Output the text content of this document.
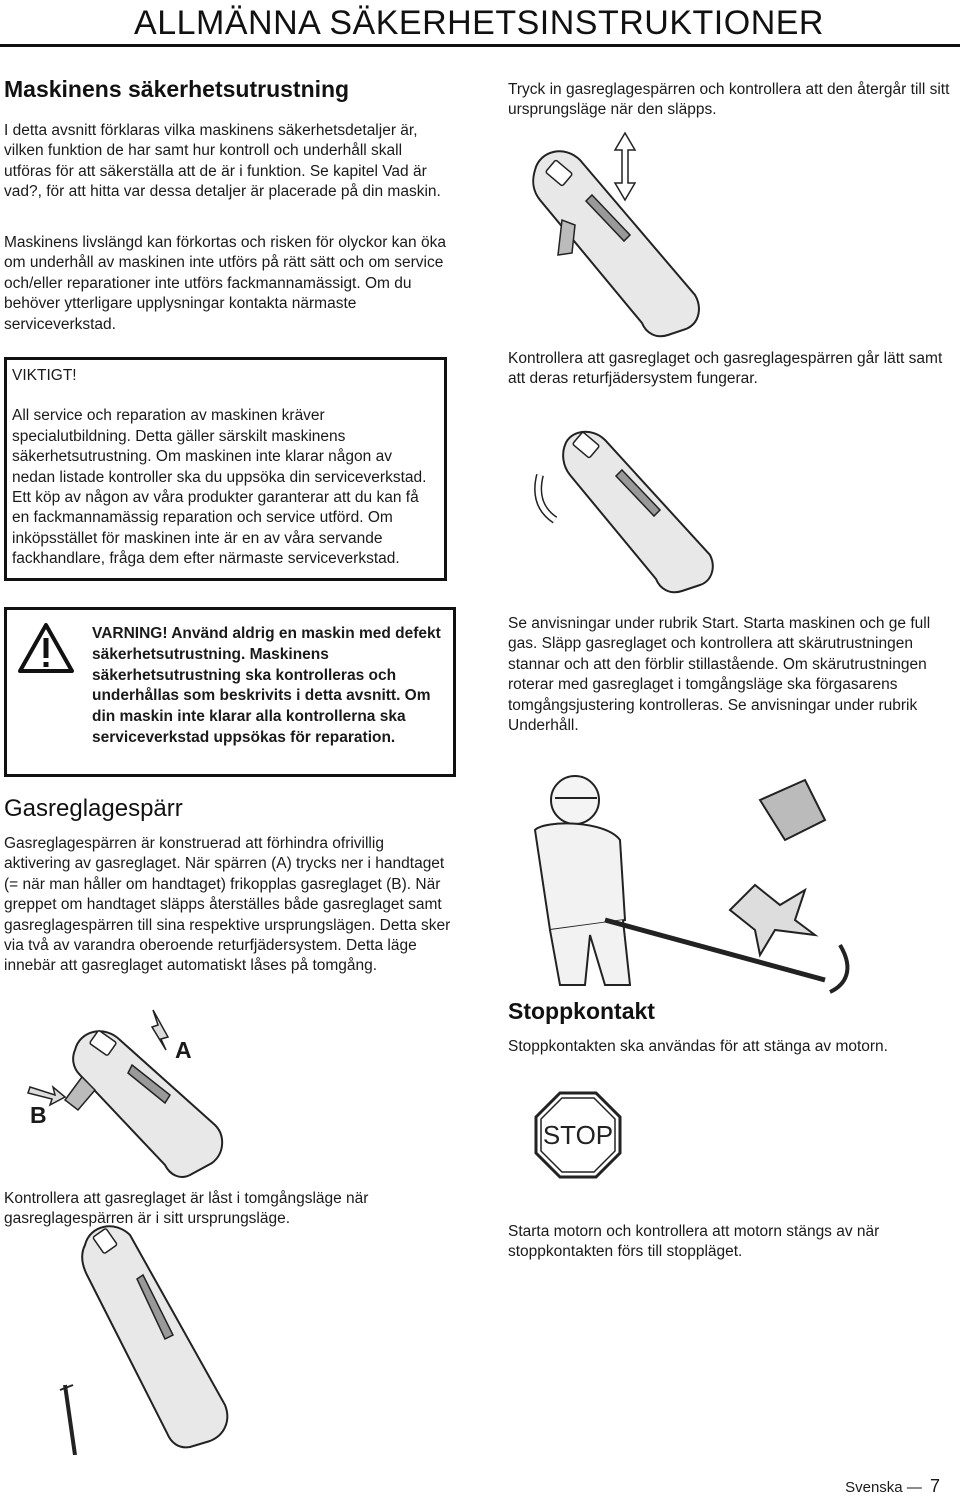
ALLMÄNNA SÄKERHETSINSTRUKTIONER
Maskinens säkerhetsutrustning

I detta avsnitt förklaras vilka maskinens säkerhetsdetaljer är, vilken funktion de har samt hur kontroll och underhåll skall utföras för att säkerställa att de är i funktion. Se kapitel Vad är vad?, för att hitta var dessa detaljer är placerade på din maskin.

Maskinens livslängd kan förkortas och risken för olyckor kan öka om underhåll av maskinen inte utförs på rätt sätt och om service och/eller reparationer inte utförs fackmannamässigt. Om du behöver ytterligare upplysningar kontakta närmaste serviceverkstad.

VIKTIGT!
All service och reparation av maskinen kräver specialutbildning. Detta gäller särskilt maskinens säkerhetsutrustning. Om maskinen inte klarar någon av nedan listade kontroller ska du uppsöka din serviceverkstad. Ett köp av någon av våra produkter garanterar att du kan få en fackmannamässig reparation och service utförd. Om inköpsstället för maskinen inte är en av våra servande fackhandlare, fråga dem efter närmaste serviceverkstad.
VARNING! Använd aldrig en maskin med defekt säkerhetsutrustning. Maskinens säkerhetsutrustning ska kontrolleras och underhållas som beskrivits i detta avsnitt. Om din maskin inte klarar alla kontrollerna ska serviceverkstad uppsökas för reparation.
Gasreglagespärr

Gasreglagespärren är konstruerad att förhindra ofrivillig aktivering av gasreglaget. När spärren (A) trycks ner i handtaget (= när man håller om handtaget) frikopplas gasreglaget (B). När greppet om handtaget släpps återställes både gasreglaget samt gasreglagespärren till sina respektive ursprungslägen. Detta sker via två av varandra oberoende returfjädersystem. Detta läge innebär att gasreglaget automatiskt låses på tomgång.

A
B

Kontrollera att gasreglaget är låst i tomgångsläge när gasreglagespärren är i sitt ursprungsläge.

Tryck in gasreglagespärren och kontrollera att den återgår till sitt ursprungsläge när den släpps.

Kontrollera att gasreglaget och gasreglagespärren går lätt samt att deras returfjädersystem fungerar.

Se anvisningar under rubrik Start. Starta maskinen och ge full gas. Släpp gasreglaget och kontrollera att skärutrustningen stannar och att den förblir stillastående. Om skärutrustningen roterar med gasreglaget i tomgångsläge ska förgasarens tomgångsjustering kontrolleras. Se anvisningar under rubrik Underhåll.

Stoppkontakt

Stoppkontakten ska användas för att stänga av motorn.

STOP

Starta motorn och kontrollera att motorn stängs av när stoppkontakten förs till stoppläget.

Svenska — 7
